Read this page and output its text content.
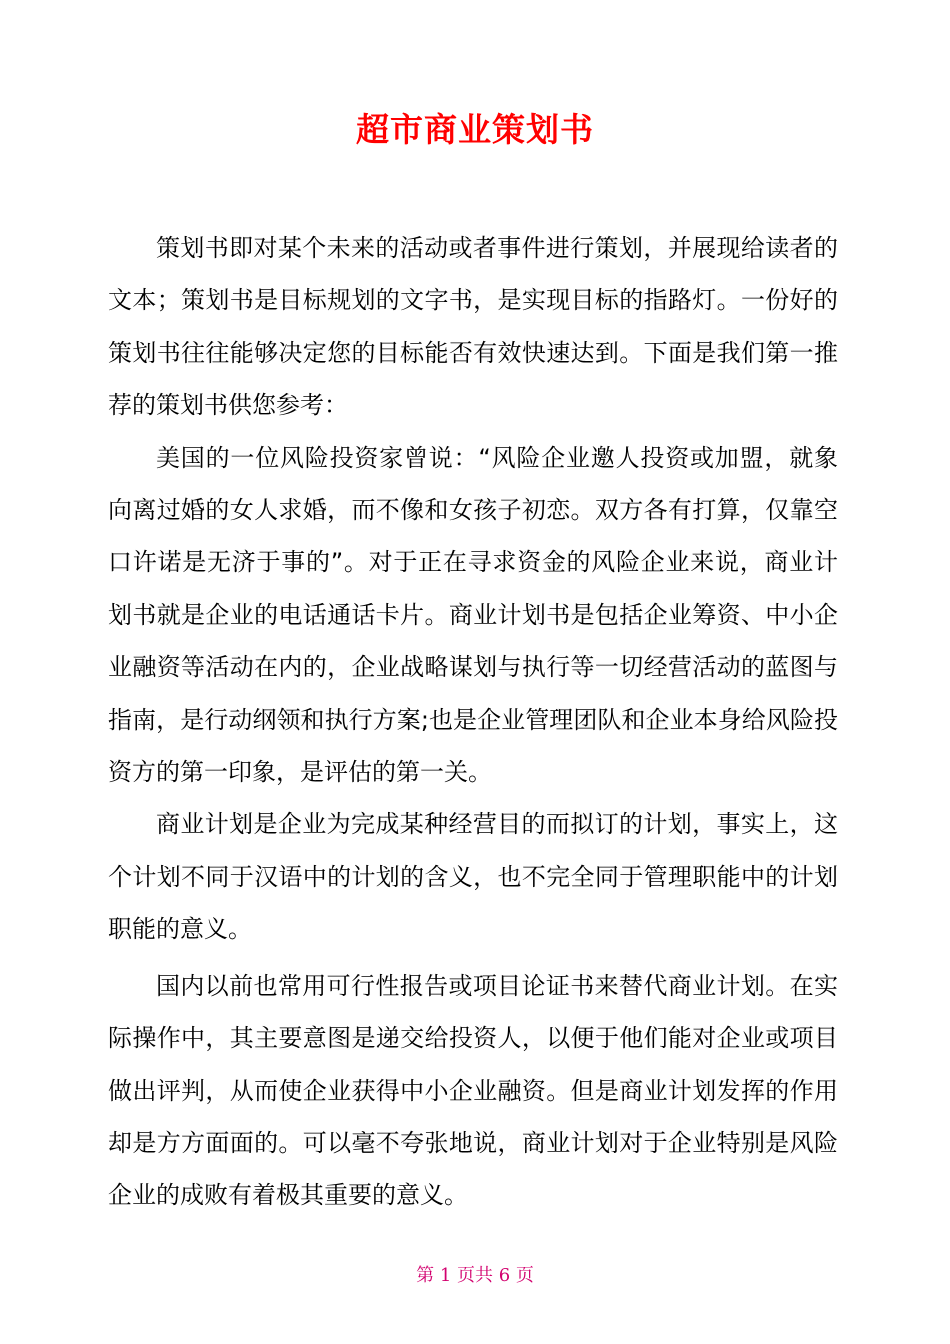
超市商业策划书

策划书即对某个未来的活动或者事件进行策划，并展现给读者的文本；策划书是目标规划的文字书，是实现目标的指路灯。一份好的策划书往往能够决定您的目标能否有效快速达到。下面是我们第一推荐的策划书供您参考：

美国的一位风险投资家曾说：“风险企业邀人投资或加盟，就象向离过婚的女人求婚，而不像和女孩子初恋。双方各有打算，仅靠空口许诺是无济于事的”。对于正在寻求资金的风险企业来说，商业计划书就是企业的电话通话卡片。商业计划书是包括企业筹资、中小企业融资等活动在内的，企业战略谋划与执行等一切经营活动的蓝图与指南，是行动纲领和执行方案;也是企业管理团队和企业本身给风险投资方的第一印象，是评估的第一关。

商业计划是企业为完成某种经营目的而拟订的计划，事实上，这个计划不同于汉语中的计划的含义，也不完全同于管理职能中的计划职能的意义。

国内以前也常用可行性报告或项目论证书来替代商业计划。在实际操作中，其主要意图是递交给投资人，以便于他们能对企业或项目做出评判，从而使企业获得中小企业融资。但是商业计划发挥的作用却是方方面面的。可以毫不夸张地说，商业计划对于企业特别是风险企业的成败有着极其重要的意义。

第 1 页共 6 页
